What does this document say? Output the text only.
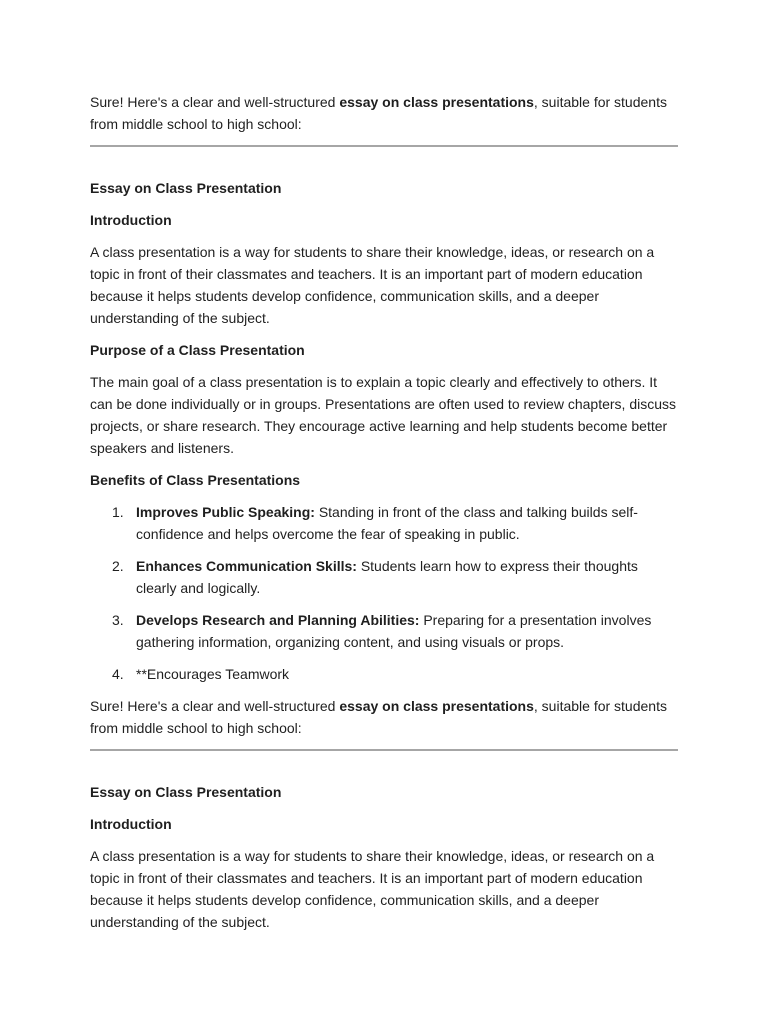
Sure! Here's a clear and well-structured essay on class presentations, suitable for students from middle school to high school:

Essay on Class Presentation

Introduction

A class presentation is a way for students to share their knowledge, ideas, or research on a topic in front of their classmates and teachers. It is an important part of modern education because it helps students develop confidence, communication skills, and a deeper understanding of the subject.

Purpose of a Class Presentation

The main goal of a class presentation is to explain a topic clearly and effectively to others. It can be done individually or in groups. Presentations are often used to review chapters, discuss projects, or share research. They encourage active learning and help students become better speakers and listeners.

Benefits of Class Presentations

1. Improves Public Speaking: Standing in front of the class and talking builds self-confidence and helps overcome the fear of speaking in public.
2. Enhances Communication Skills: Students learn how to express their thoughts clearly and logically.
3. Develops Research and Planning Abilities: Preparing for a presentation involves gathering information, organizing content, and using visuals or props.
4. **Encourages Teamwork

Sure! Here's a clear and well-structured essay on class presentations, suitable for students from middle school to high school:

Essay on Class Presentation

Introduction

A class presentation is a way for students to share their knowledge, ideas, or research on a topic in front of their classmates and teachers. It is an important part of modern education because it helps students develop confidence, communication skills, and a deeper understanding of the subject.
